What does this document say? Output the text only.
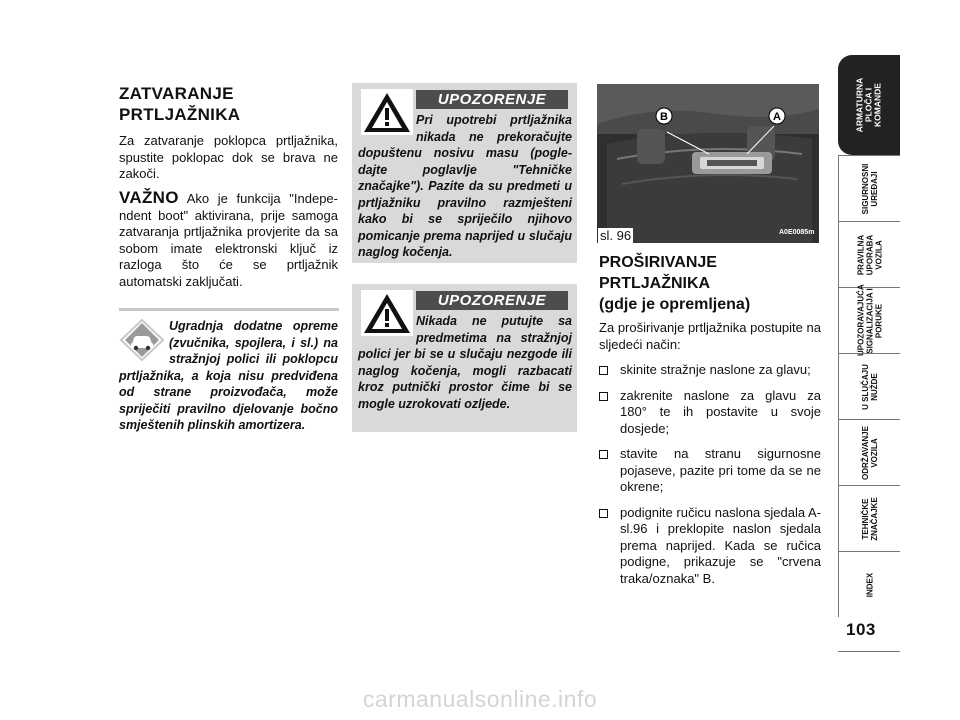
ZATVARANJE PRTLJAŽNIKA
Za zatvaranje poklopca prtljažnika, spustite poklopac dok se brava ne zakoči.
VAŽNO Ako je funkcija "Indepe-ndent boot" aktivirana, prije samoga zatvaranja prtljažnika provjerite da sa sobom imate elektronski ključ iz razloga što će se prtljažnik automatski zaključati.
Ugradnja dodatne opreme (zvučnika, spojlera, i sl.) na stražnjoj polici ili poklopcu prtljažnika, a koja nisu predviđena od strane proizvođača, može spriječiti pravilno djelovanje bočno smještenih plinskih amortizera.
UPOZORENJE
Pri upotrebi prtljažnika nikada ne prekoračujte dopuštenu nosivu masu (pogle-dajte poglavlje "Tehničke značajke"). Pazite da su predmeti u prtljažniku pravilno razmješteni kako bi se spriječilo njihovo pomicanje prema naprijed u slučaju naglog kočenja.
UPOZORENJE
Nikada ne putujte sa predmetima na stražnjoj polici jer bi se u slučaju nezgode ili naglog kočenja, mogli razbacati kroz putnički prostor čime bi se mogle uzrokovati ozljede.
B	A
sl. 96	A0E0085m
PROŠIRIVANJE
PRTLJAŽNIKA
(gdje je opremljena)
Za proširivanje prtljažnika postupite na sljedeći način:
skinite stražnje naslone za glavu;
zakrenite naslone za glavu za 180° te ih postavite u svoje dosjede;
stavite na stranu sigurnosne pojaseve, pazite pri tome da se ne okrene;
podignite ručicu naslona sjedala A-sl.96 i preklopite naslon sjedala prema naprijed. Kada se ručica podigne, prikazuje se "crvena traka/oznaka" B.
ARMATURNA
PLOČA I
KOMANDE
SIGURNOSNI
UREĐAJI
PRAVILNA
UPORABA
VOZILA
UPOZORAVAJUĆA
SIGNALIZACIJA I
PORUKE
U SLUČAJU
NUŽDE
ODRŽAVANJE
VOZILA
TEHNIČKE
ZNAČAJKE
INDEX
103
carmanualsonline.info
